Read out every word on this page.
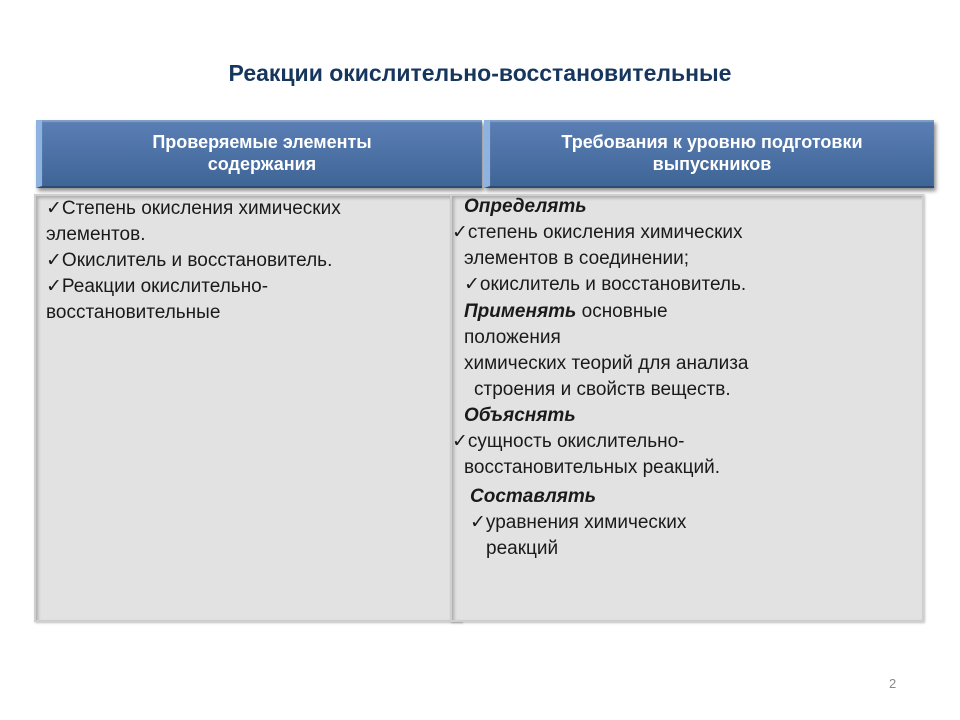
Реакции окислительно-восстановительные
Проверяемые элементы
содержания
Требования к уровню подготовки
выпускников
✓Степень окисления химических
элементов.
✓Окислитель и восстановитель.
✓Реакции окислительно-
восстановительные
Определять
✓степень окисления химических
элементов в соединении;
✓окислитель и восстановитель.
Применять основные
положения
химических теорий для анализа
строения и свойств веществ.
Объяснять
✓сущность окислительно-
восстановительных реакций.
Составлять
✓уравнения химических
реакций
2
